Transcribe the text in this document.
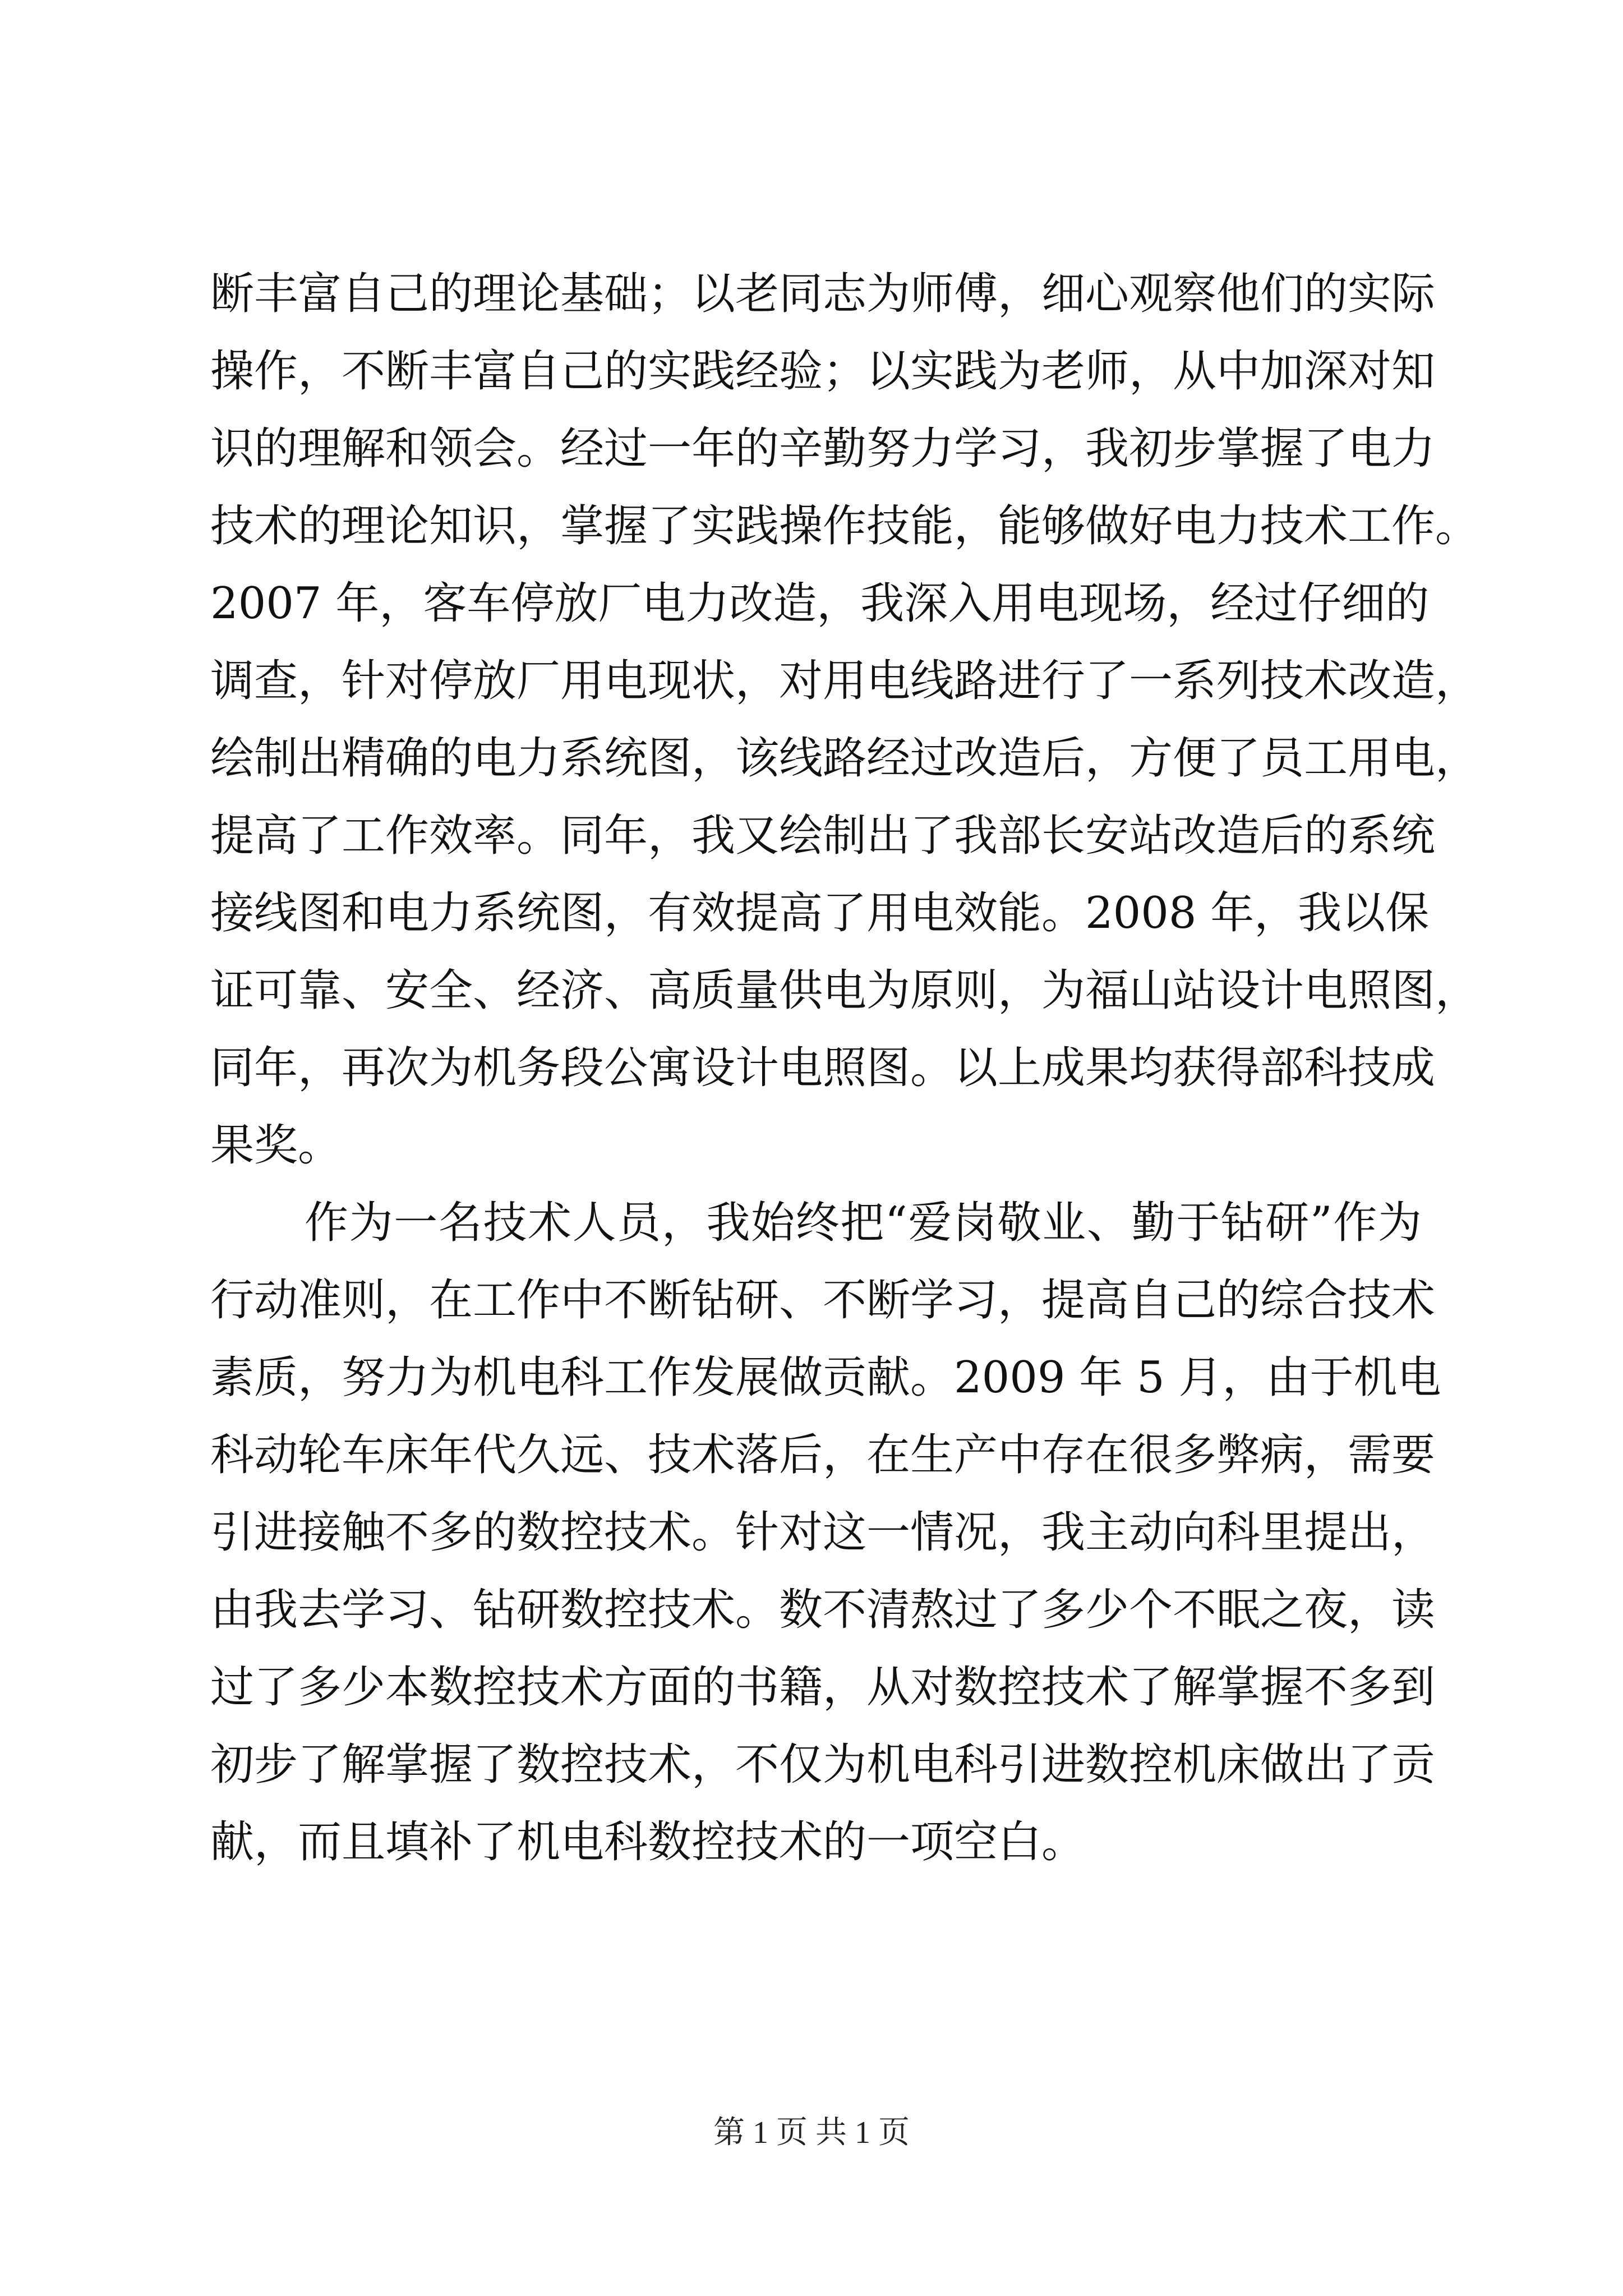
断丰富自己的理论基础；以老同志为师傅，细心观察他们的实际
操作，不断丰富自己的实践经验；以实践为老师，从中加深对知
识的理解和领会。经过一年的辛勤努力学习，我初步掌握了电力
技术的理论知识，掌握了实践操作技能，能够做好电力技术工作。
2007 年，客车停放厂电力改造，我深入用电现场，经过仔细的
调查，针对停放厂用电现状，对用电线路进行了一系列技术改造，
绘制出精确的电力系统图，该线路经过改造后，方便了员工用电，
提高了工作效率。同年，我又绘制出了我部长安站改造后的系统
接线图和电力系统图，有效提高了用电效能。2008 年，我以保
证可靠、安全、经济、高质量供电为原则，为福山站设计电照图，
同年，再次为机务段公寓设计电照图。以上成果均获得部科技成
果奖。
作为一名技术人员，我始终把“爱岗敬业、勤于钻研”作为
行动准则，在工作中不断钻研、不断学习，提高自己的综合技术
素质，努力为机电科工作发展做贡献。2009 年 5 月，由于机电
科动轮车床年代久远、技术落后，在生产中存在很多弊病，需要
引进接触不多的数控技术。针对这一情况，我主动向科里提出，
由我去学习、钻研数控技术。数不清熬过了多少个不眠之夜，读
过了多少本数控技术方面的书籍，从对数控技术了解掌握不多到
初步了解掌握了数控技术，不仅为机电科引进数控机床做出了贡
献，而且填补了机电科数控技术的一项空白。
第 1 页 共 1 页
